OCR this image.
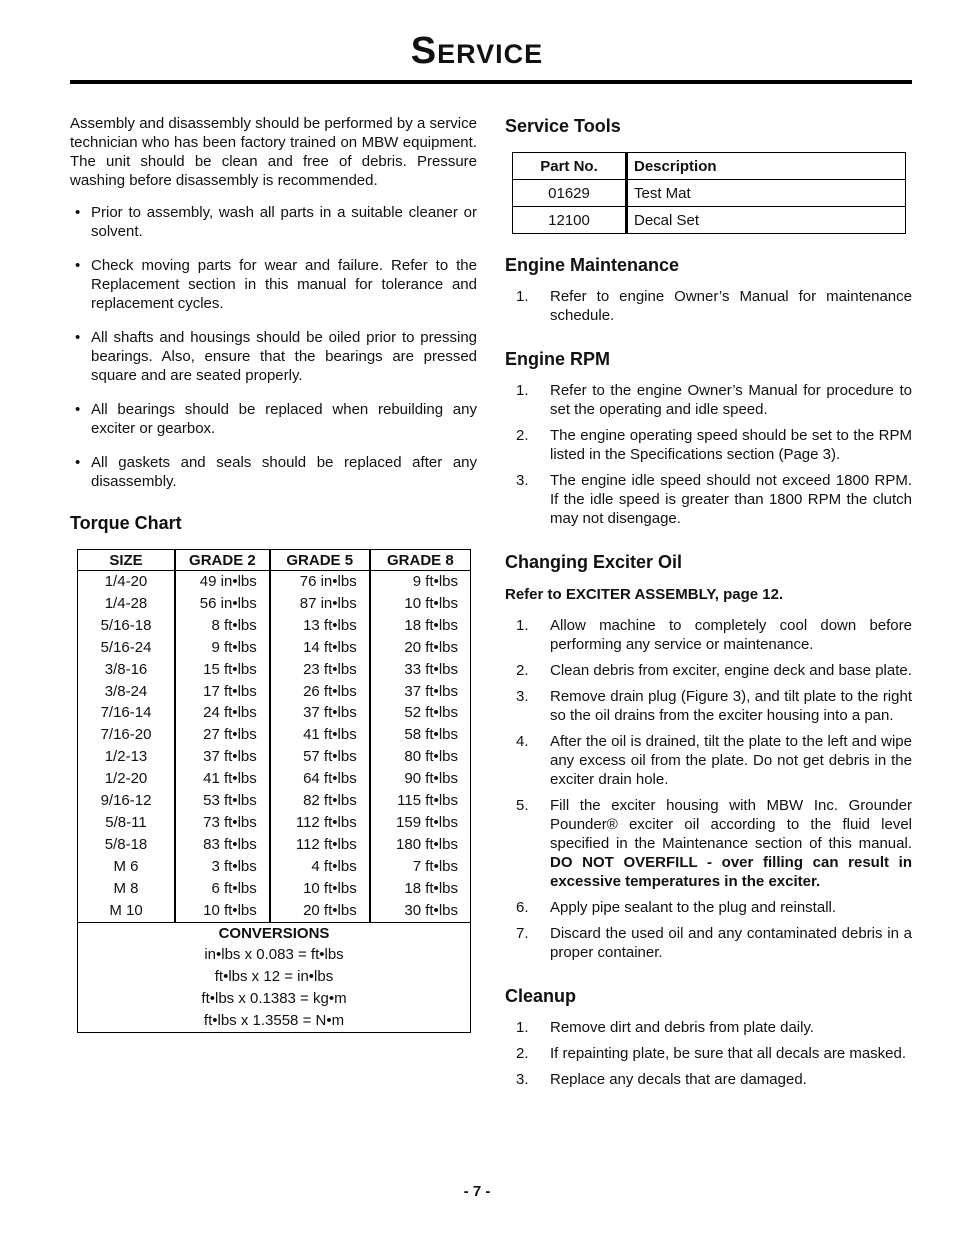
Service

Assembly and disassembly should be performed by a service technician who has been factory trained on MBW equipment. The unit should be clean and free of debris. Pressure washing before disassembly is recommended.

• Prior to assembly, wash all parts in a suitable cleaner or solvent.
• Check moving parts for wear and failure. Refer to the Replacement section in this manual for tolerance and replacement cycles.
• All shafts and housings should be oiled prior to pressing bearings. Also, ensure that the bearings are pressed square and are seated properly.
• All bearings should be replaced when rebuilding any exciter or gearbox.
• All gaskets and seals should be replaced after any disassembly.
Torque Chart
SIZE	GRADE 2	GRADE 5	GRADE 8
1/4-20	49 in•lbs	76 in•lbs	9 ft•lbs
1/4-28	56 in•lbs	87 in•lbs	10 ft•lbs
5/16-18	8 ft•lbs	13 ft•lbs	18 ft•lbs
5/16-24	9 ft•lbs	14 ft•lbs	20 ft•lbs
3/8-16	15 ft•lbs	23 ft•lbs	33 ft•lbs
3/8-24	17 ft•lbs	26 ft•lbs	37 ft•lbs
7/16-14	24 ft•lbs	37 ft•lbs	52 ft•lbs
7/16-20	27 ft•lbs	41 ft•lbs	58 ft•lbs
1/2-13	37 ft•lbs	57 ft•lbs	80 ft•lbs
1/2-20	41 ft•lbs	64 ft•lbs	90 ft•lbs
9/16-12	53 ft•lbs	82 ft•lbs	115 ft•lbs
5/8-11	73 ft•lbs	112 ft•lbs	159 ft•lbs
5/8-18	83 ft•lbs	112 ft•lbs	180 ft•lbs
M 6	3 ft•lbs	4 ft•lbs	7 ft•lbs
M 8	6 ft•lbs	10 ft•lbs	18 ft•lbs
M 10	10 ft•lbs	20 ft•lbs	30 ft•lbs
CONVERSIONS			
in•lbs x 0.083 = ft•lbs			
ft•lbs x 12 = in•lbs			
ft•lbs x 0.1383 = kg•m			
ft•lbs x 1.3558 = N•m			
Service Tools
Part No.	Description
01629	Test Mat
12100	Decal Set
Engine Maintenance
1. Refer to engine Owner’s Manual for maintenance schedule.
Engine RPM
1. Refer to the engine Owner’s Manual for procedure to set the operating and idle speed.
2. The engine operating speed should be set to the RPM listed in the Specifications section (Page 3).
3. The engine idle speed should not exceed 1800 RPM. If the idle speed is greater than 1800 RPM the clutch may not disengage.
Changing Exciter Oil
Refer to EXCITER ASSEMBLY, page 12.
1. Allow machine to completely cool down before performing any service or maintenance.
2. Clean debris from exciter, engine deck and base plate.
3. Remove drain plug (Figure 3), and tilt plate to the right so the oil drains from the exciter housing into a pan.
4. After the oil is drained, tilt the plate to the left and wipe any excess oil from the plate. Do not get debris in the exciter drain hole.
5. Fill the exciter housing with MBW Inc. Grounder Pounder® exciter oil according to the fluid level specified in the Maintenance section of this manual. DO NOT OVERFILL - over filling can result in excessive temperatures in the exciter.
6. Apply pipe sealant to the plug and reinstall.
7. Discard the used oil and any contaminated debris in a proper container.
Cleanup
1. Remove dirt and debris from plate daily.
2. If repainting plate, be sure that all decals are masked.
3. Replace any decals that are damaged.
- 7 -
